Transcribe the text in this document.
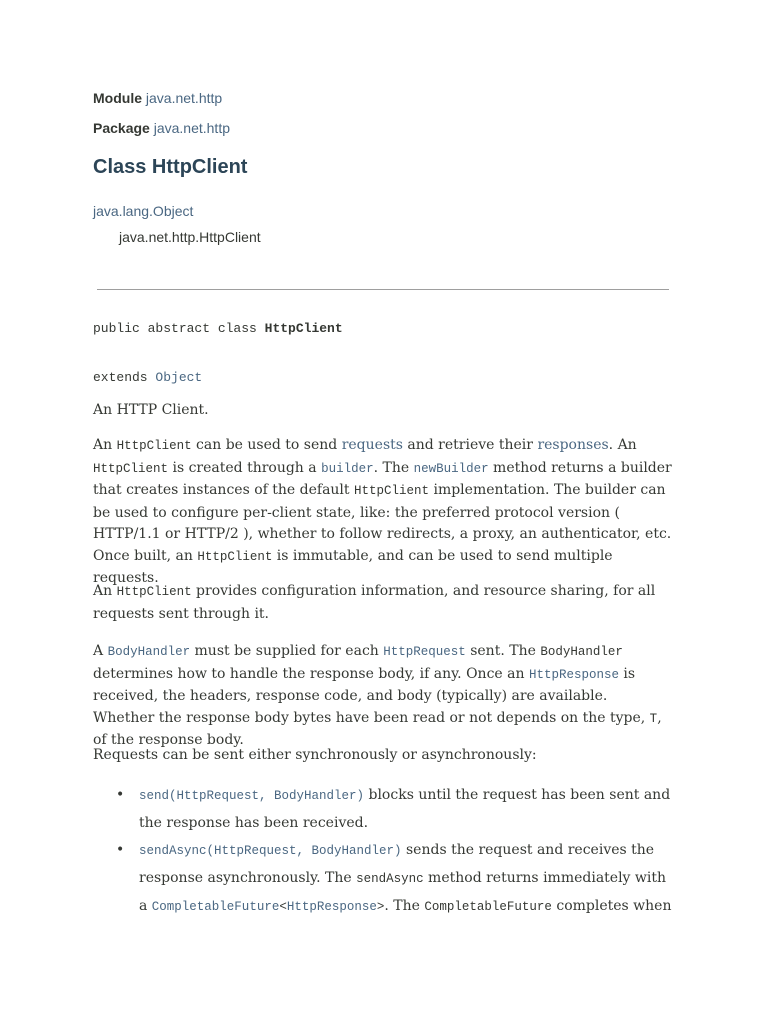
Module java.net.http
Package java.net.http
Class HttpClient
java.lang.Object
java.net.http.HttpClient
public abstract class HttpClient
extends Object

An HTTP Client.

An HttpClient can be used to send requests and retrieve their responses. An HttpClient is created through a builder. The newBuilder method returns a builder that creates instances of the default HttpClient implementation. The builder can be used to configure per-client state, like: the preferred protocol version ( HTTP/1.1 or HTTP/2 ), whether to follow redirects, a proxy, an authenticator, etc. Once built, an HttpClient is immutable, and can be used to send multiple requests.

An HttpClient provides configuration information, and resource sharing, for all requests sent through it.

A BodyHandler must be supplied for each HttpRequest sent. The BodyHandler determines how to handle the response body, if any. Once an HttpResponse is received, the headers, response code, and body (typically) are available. Whether the response body bytes have been read or not depends on the type, T, of the response body.

Requests can be sent either synchronously or asynchronously:

• send(HttpRequest, BodyHandler) blocks until the request has been sent and the response has been received.
• sendAsync(HttpRequest, BodyHandler) sends the request and receives the response asynchronously. The sendAsync method returns immediately with a CompletableFuture<HttpResponse>. The CompletableFuture completes when
